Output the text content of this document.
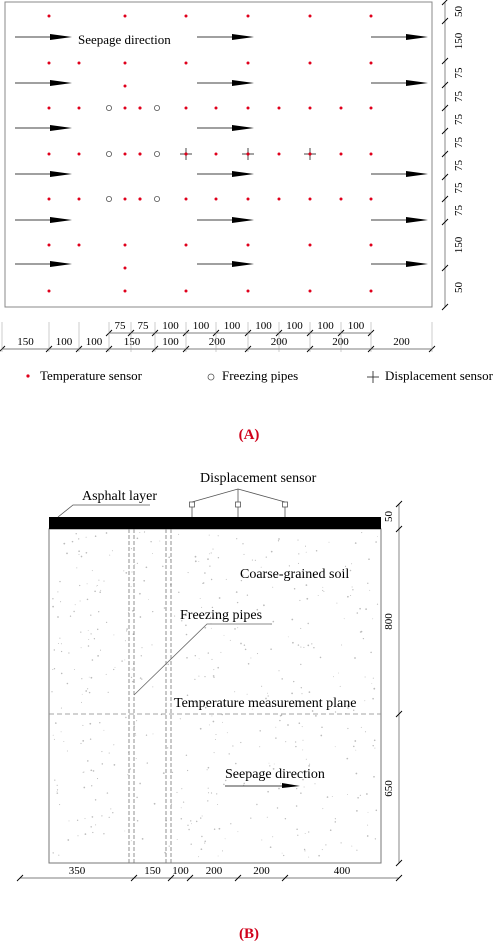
Seepage direction
50
150
75
75
75
75
75
75
75
150
50
75 75 100 100 100 100 100 100 100
150 100 100 150 100	200	200	200	200
Temperature sensor	Freezing pipes	Displacement sensor
(A)
Displacement sensor
Asphalt layer
Coarse-grained soil
Freezing pipes
Temperature measurement plane
Seepage direction
50
800
650
350	150 100 200	200	400
(B)
